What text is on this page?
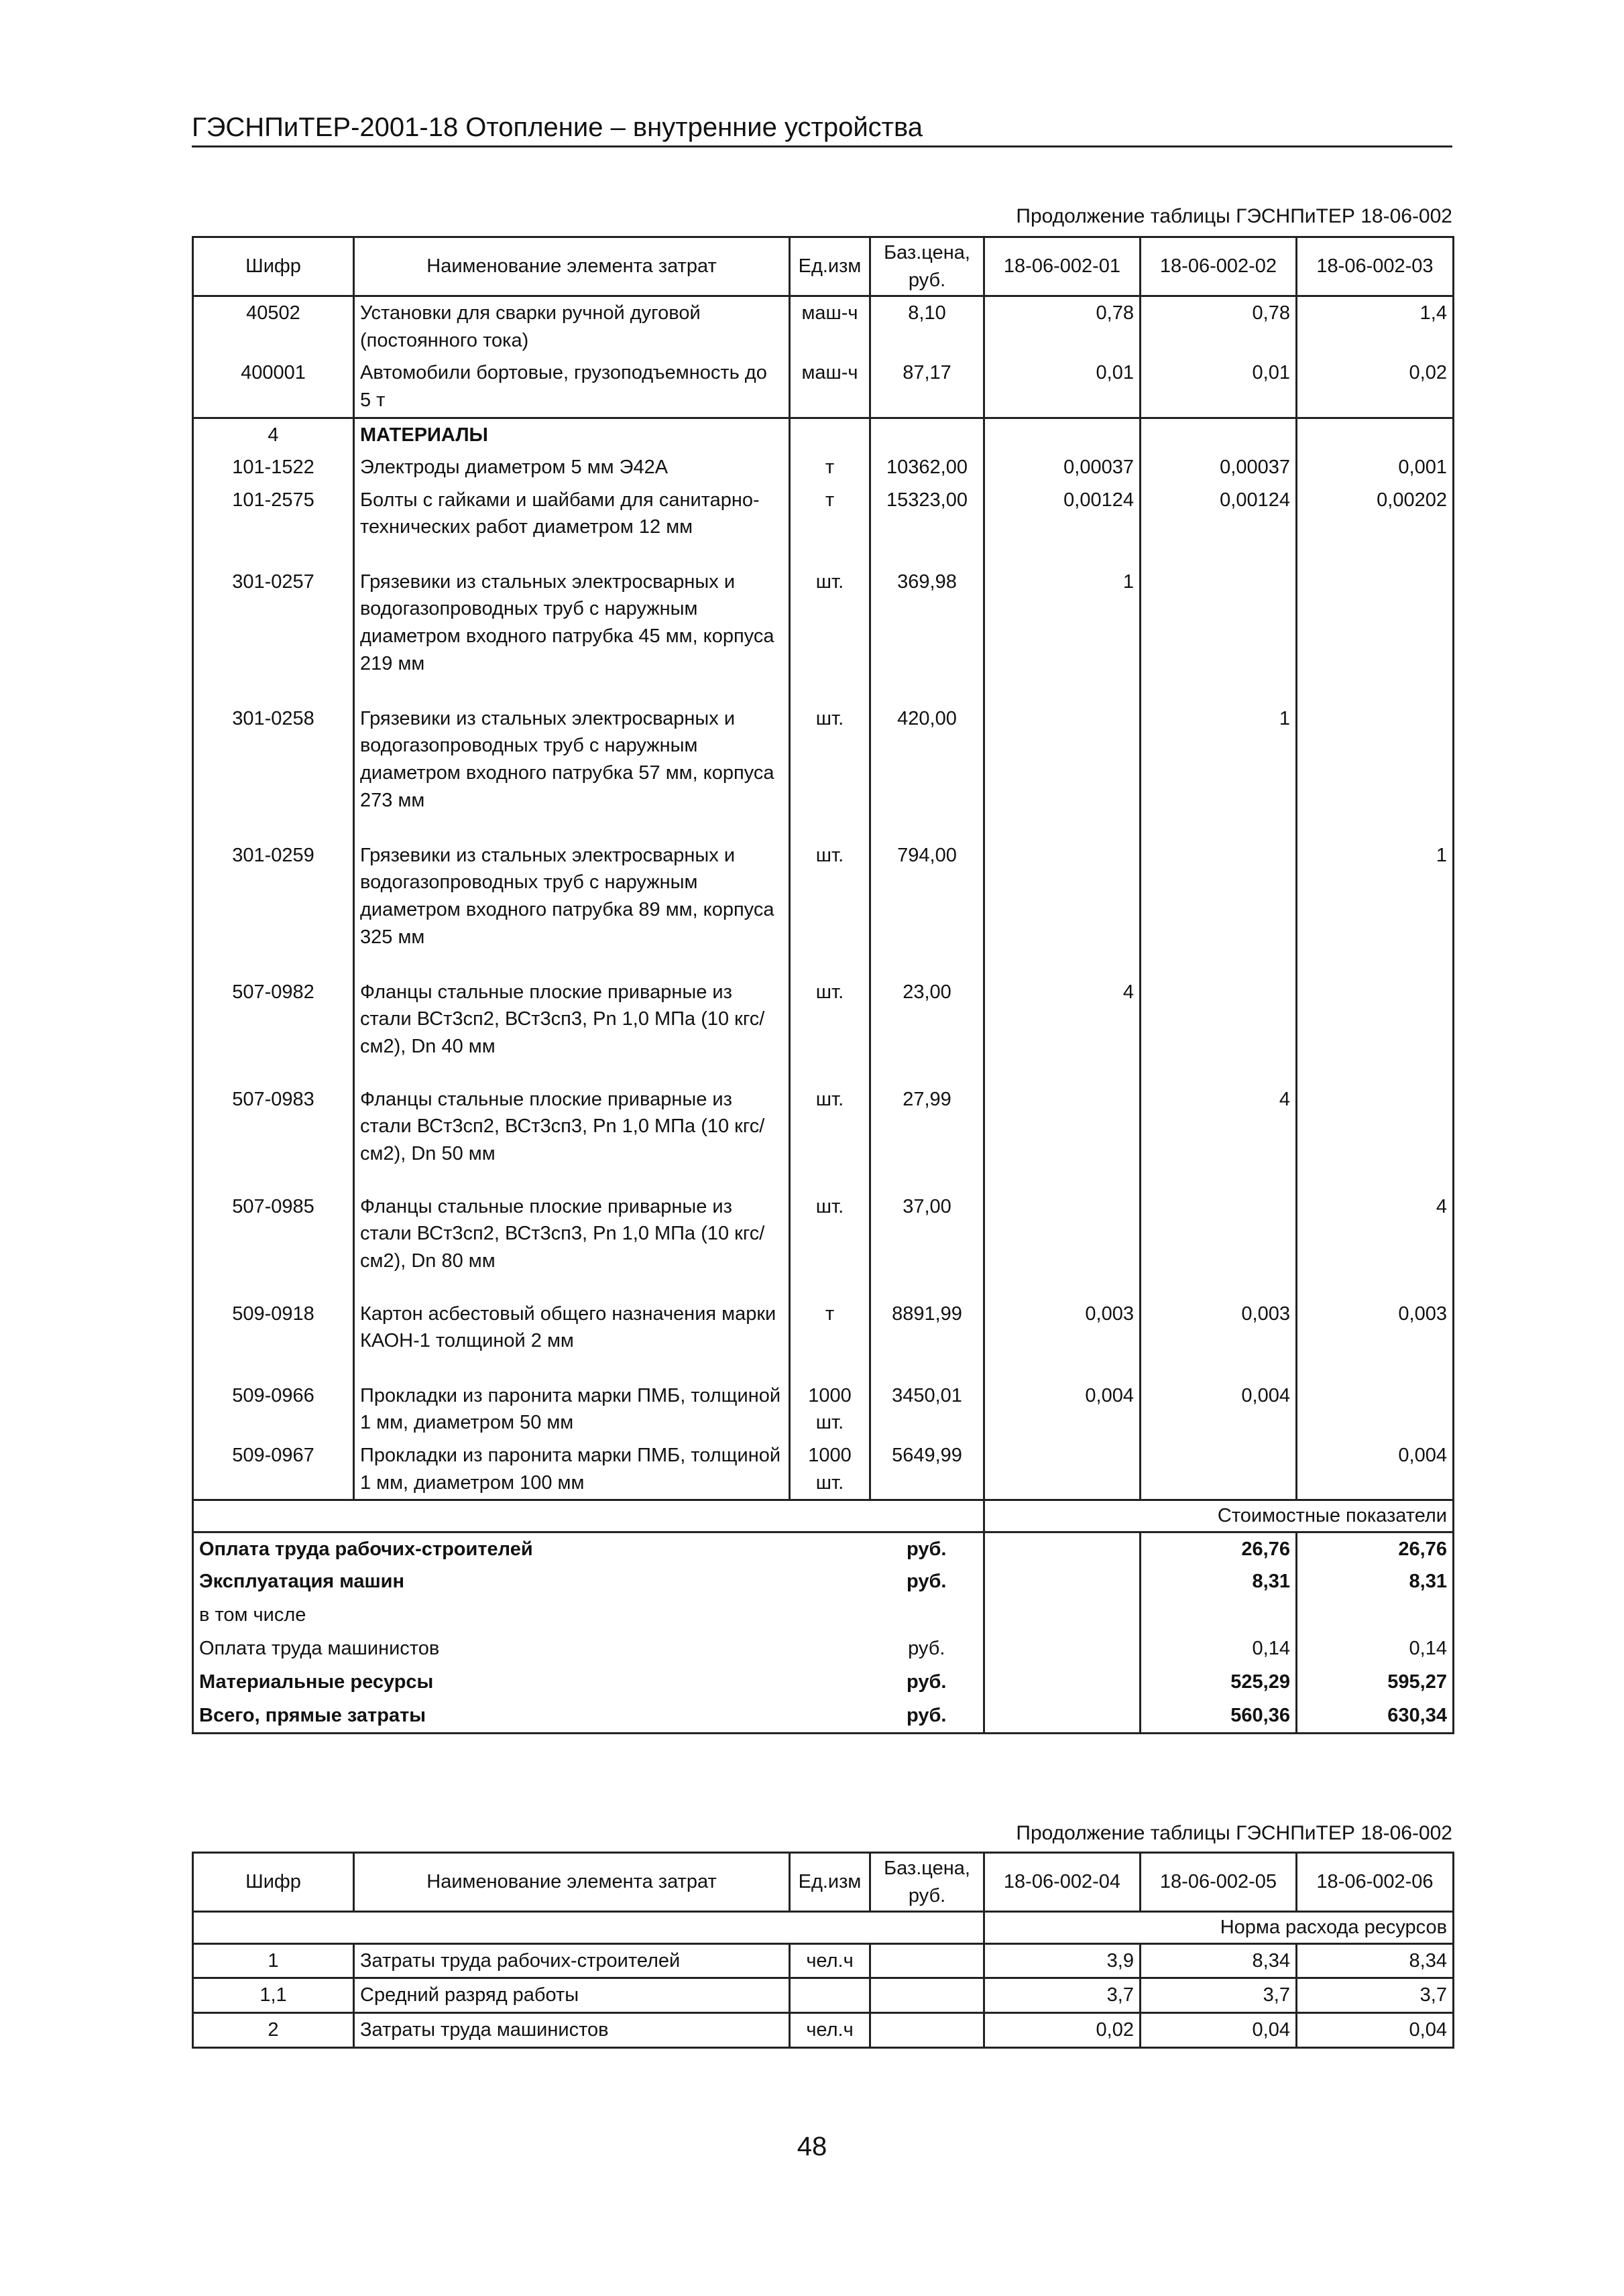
ГЭСНПиТЕР-2001-18 Отопление – внутренние устройства
Продолжение таблицы ГЭСНПиТЕР 18-06-002
Шифр	Наименование элемента затрат	Ед.изм	Баз.цена, руб.	18-06-002-01	18-06-002-02	18-06-002-03	
40502	Установки для сварки ручной дуговой (постоянного тока)	маш-ч	8,10	0,78	0,78	1,4	
400001	Автомобили бортовые, грузоподъемность до 5 т	маш-ч	87,17	0,01	0,01	0,02	
4	МАТЕРИАЛЫ						
101-1522	Электроды диаметром 5 мм Э42А	т	10362,00	0,00037	0,00037	0,001	
101-2575	Болты с гайками и шайбами для санитарно-технических работ диаметром 12 мм	т	15323,00	0,00124	0,00124	0,00202	
301-0257	Грязевики из стальных электросварных и водогазопроводных труб с наружным диаметром входного патрубка 45 мм, корпуса 219 мм	шт.	369,98	1			
301-0258	Грязевики из стальных электросварных и водогазопроводных труб с наружным диаметром входного патрубка 57 мм, корпуса 273 мм	шт.	420,00		1		
301-0259	Грязевики из стальных электросварных и водогазопроводных труб с наружным диаметром входного патрубка 89 мм, корпуса 325 мм	шт.	794,00			1	
507-0982	Фланцы стальные плоские приварные из стали ВСт3сп2, ВСт3сп3, Рn 1,0 МПа (10 кгс/см2), Dn 40 мм	шт.	23,00	4			
507-0983	Фланцы стальные плоские приварные из стали ВСт3сп2, ВСт3сп3, Рn 1,0 МПа (10 кгс/см2), Dn 50 мм	шт.	27,99		4		
507-0985	Фланцы стальные плоские приварные из стали ВСт3сп2, ВСт3сп3, Рn 1,0 МПа (10 кгс/см2), Dn 80 мм	шт.	37,00			4	
509-0918	Картон асбестовый общего назначения марки КАОН-1 толщиной 2 мм	т	8891,99	0,003	0,003	0,003	
509-0966	Прокладки из паронита марки ПМБ, толщиной 1 мм, диаметром 50 мм	1000 шт.	3450,01	0,004	0,004		
509-0967	Прокладки из паронита марки ПМБ, толщиной 1 мм, диаметром 100 мм	1000 шт.	5649,99			0,004	
				Стоимостные показатели			
Оплата труда рабочих-строителей			руб.		26,76	26,76	
Эксплуатация машин			руб.		8,31	8,31	
в том числе							
Оплата труда машинистов			руб.		0,14	0,14	
Материальные ресурсы			руб.		525,29	595,27	
Всего, прямые затраты			руб.		560,36	630,34	
Продолжение таблицы ГЭСНПиТЕР 18-06-002
Шифр	Наименование элемента затрат	Ед.изм	Баз.цена, руб.	18-06-002-04	18-06-002-05	18-06-002-06
				Норма расхода ресурсов		
1	Затраты труда рабочих-строителей	чел.ч		3,9	8,34	8,34
1,1	Средний разряд работы			3,7	3,7	3,7
2	Затраты труда машинистов	чел.ч		0,02	0,04	0,04
48
